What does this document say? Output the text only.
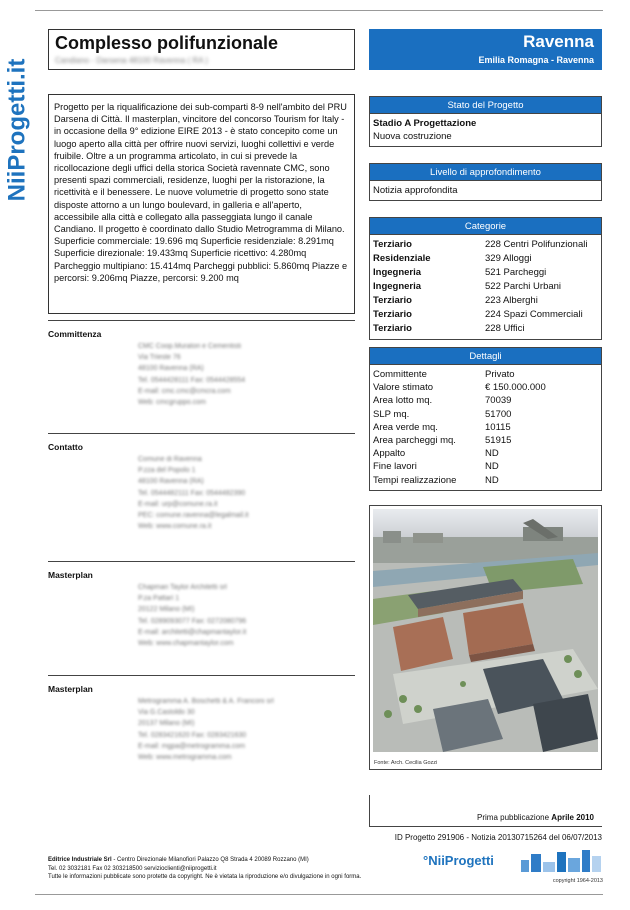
NiiProgetti.it
Complesso polifunzionale
Candiano - Darsena 48100 Ravenna ( RA )
Ravenna
Emilia Romagna - Ravenna

Progetto per la riqualificazione dei sub-comparti 8-9 nell'ambito del PRU Darsena di Città. Il masterplan, vincitore del concorso Tourism for Italy - in occasione della 9° edizione EIRE 2013 - è stato concepito come un luogo aperto alla città per offrire nuovi servizi, luoghi collettivi e verde fruibile. Oltre a un programma articolato, in cui si prevede la ricollocazione degli uffici della storica Società ravennate CMC, sono presenti spazi commerciali, residenze, luoghi per la ristorazione, la ricettività e il benessere. Le nuove volumetrie di progetto sono state disposte attorno a un lungo boulevard, in galleria e all'aperto, accessibile alla città e collegato alla passeggiata lungo il canale Candiano. Il progetto è coordinato dallo Studio Metrogramma di Milano. Superficie commerciale: 19.696 mq Superficie residenziale: 8.291mq Superficie direzionale: 19.433mq Superficie ricettivo: 4.280mq Parcheggio multipiano: 15.414mq Parcheggi pubblici: 5.860mq Piazze e percorsi: 9.206mq Piazze, percorsi: 9.200 mq

Stato del Progetto
Stadio A Progettazione
Nuova costruzione
Livello di approfondimento
Notizia approfondita
Categorie
Terziario	228 Centri Polifunzionali
Residenziale	329 Alloggi
Ingegneria	521 Parcheggi
Ingegneria	522 Parchi Urbani
Terziario	223 Alberghi
Terziario	224 Spazi Commerciali
Terziario	228 Uffici
Dettagli
Committente	Privato
Valore stimato	€ 150.000.000
Area lotto mq.	70039
SLP mq.	51700
Area verde mq.	10115
Area parcheggi mq.	51915
Appalto	ND
Fine lavori	ND
Tempi realizzazione	ND
Committenza
CMC Coop.Muratori e Cementisti
Via Trieste 76
48100 Ravenna (RA)
Tel. 0544428111 Fax: 0544428554
E-mail: cmc.cmc@cmcra.com
Web: cmcgruppo.com
Contatto
Comune di Ravenna
P.zza del Popolo 1
48100 Ravenna (RA)
Tel. 0544482111 Fax: 0544482390
E-mail: urp@comune.ra.it
PEC: comune.ravenna@legalmail.it
Web: www.comune.ra.it
Masterplan
Chapman Taylor Architetti srl
P.za Pattari 1
20122 Milano (MI)
Tel. 0289093077 Fax: 0272080796
E-mail: architetti@chapmantaylor.it
Web: www.chapmantaylor.com
Masterplan
Metrogramma A. Boschetti & A. Franconi srl
Via G.Castoldo 30
20137 Milano (MI)
Tel. 0283421620 Fax: 0283421630
E-mail: mgpa@metrogramma.com
Web: www.metrogramma.com
Fonte: Arch. Cecilia Gozzi
Prima pubblicazione Aprile 2010
ID Progetto 291906 - Notizia 20130715264 del 06/07/2013
Editrice Industriale Srl - Centro Direzionale Milanofiori Palazzo Q8 Strada 4 20089 Rozzano (MI)
Tel. 02 3032181 Fax 02 303218500 servizioclienti@niiprogetti.it
Tutte le informazioni pubblicate sono protette da copyright. Ne è vietata la riproduzione e/o divulgazione in ogni forma.
°NiiProgetti
copyright 1964-2013
